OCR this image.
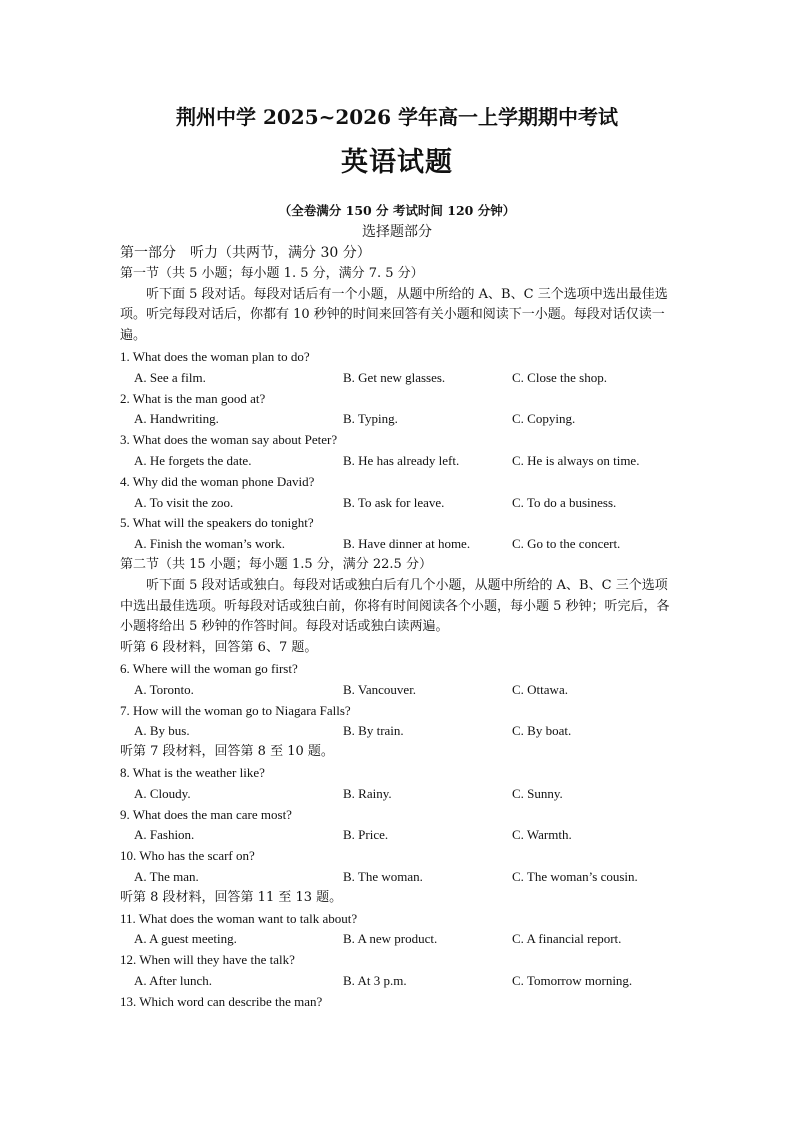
荆州中学 2025~2026 学年高一上学期期中考试
英语试题
（全卷满分 150 分 考试时间 120 分钟）
选择题部分
第一部分　听力（共两节，满分 30 分）
第一节（共 5 小题；每小题 1. 5 分，满分 7. 5 分）
听下面 5 段对话。每段对话后有一个小题，从题中所给的 A、B、C 三个选项中选出最佳选项。听完每段对话后，你都有 10 秒钟的时间来回答有关小题和阅读下一小题。每段对话仅读一遍。
1. What does the woman plan to do?
A. See a film.	B. Get new glasses.	C. Close the shop.
2. What is the man good at?
A. Handwriting.	B. Typing.	C. Copying.
3. What does the woman say about Peter?
A. He forgets the date.	B. He has already left.	C. He is always on time.
4. Why did the woman phone David?
A. To visit the zoo.	B. To ask for leave.	C. To do a business.
5. What will the speakers do tonight?
A. Finish the woman’s work.	B. Have dinner at home.	C. Go to the concert.
第二节（共 15 小题；每小题 1.5 分，满分 22.5 分）
听下面 5 段对话或独白。每段对话或独白后有几个小题，从题中所给的 A、B、C 三个选项中选出最佳选项。听每段对话或独白前，你将有时间阅读各个小题，每小题 5 秒钟；听完后，各小题将给出 5 秒钟的作答时间。每段对话或独白读两遍。
听第 6 段材料，回答第 6、7 题。
6. Where will the woman go first?
A. Toronto.	B. Vancouver.	C. Ottawa.
7. How will the woman go to Niagara Falls?
A. By bus.	B. By train.	C. By boat.
听第 7 段材料，回答第 8 至 10 题。
8. What is the weather like?
A. Cloudy.	B. Rainy.	C. Sunny.
9. What does the man care most?
A. Fashion.	B. Price.	C. Warmth.
10. Who has the scarf on?
A. The man.	B. The woman.	C. The woman’s cousin.
听第 8 段材料，回答第 11 至 13 题。
11. What does the woman want to talk about?
A. A guest meeting.	B. A new product.	C. A financial report.
12. When will they have the talk?
A. After lunch.	B. At 3 p.m.	C. Tomorrow morning.
13. Which word can describe the man?
